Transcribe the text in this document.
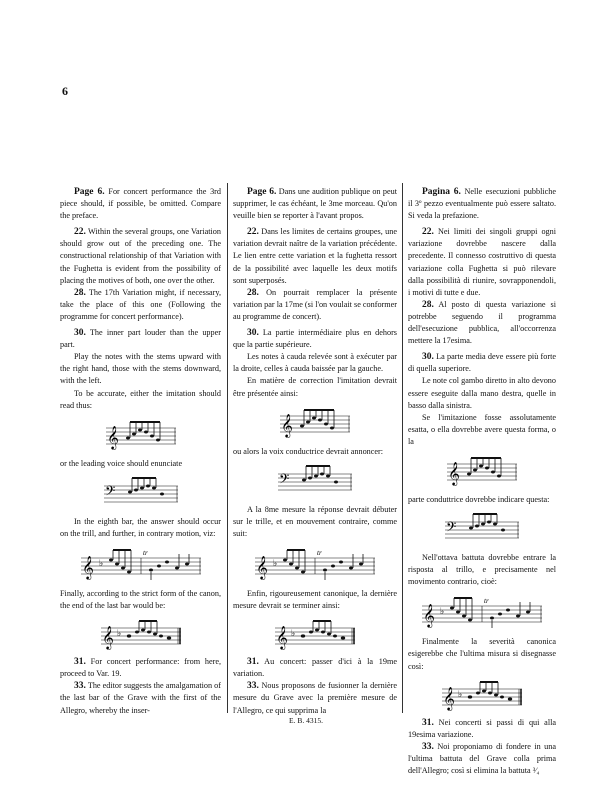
6

Page 6. For concert performance the 3rd piece should, if possible, be omitted. Compare the preface.

22. Within the several groups, one Variation should grow out of the preceding one. The constructional relationship of that Variation with the Fughetta is evident from the possibility of placing the motives of both, one over the other.

28. The 17th Variation might, if necessary, take the place of this one (Following the programme for concert performance).

30. The inner part louder than the upper part.

Play the notes with the stems upward with the right hand, those with the stems downward, with the left.

To be accurate, either the imitation should read thus:

𝄞

or the leading voice should enunciate

𝄢

In the eighth bar, the answer should occur on the trill, and further, in contrary motion, viz:

𝄞 ♭
tr

Finally, according to the strict form of the canon, the end of the last bar would be:

𝄞 ♭

31. For concert performance: from here, proceed to Var. 19.

33. The editor suggests the amalgamation of the last bar of the Grave with the first of the Allegro, whereby the inser-

Page 6. Dans une audition publique on peut supprimer, le cas échéant, le 3me morceau. Qu'on veuille bien se reporter à l'avant propos.

22. Dans les limites de certains groupes, une variation devrait naître de la variation précédente. Le lien entre cette variation et la fughetta ressort de la possibilité avec laquelle les deux motifs sont superposés.

28. On pourrait remplacer la présente variation par la 17me (si l'on voulait se conformer au programme de concert).

30. La partie intermédiaire plus en dehors que la partie supérieure.

Les notes à cauda relevée sont à exécuter par la droite, celles à cauda baissée par la gauche.

En matière de correction l'imitation devrait être présentée ainsi:

𝄞

ou alors la voix conductrice devrait annoncer:

𝄢

A la 8me mesure la réponse devrait débuter sur le trille, et en mouvement contraire, comme suit:

𝄞 ♭
tr

Enfin, rigoureusement canonique, la dernière mesure devrait se terminer ainsi:

𝄞 ♭

31. Au concert: passer d'ici à la 19me variation.

33. Nous proposons de fusionner la dernière mesure du Grave avec la première mesure de l'Allegro, ce qui supprima la

Pagina 6. Nelle esecuzioni pubbliche il 3º pezzo eventualmente può essere saltato. Si veda la prefazione.

22. Nei limiti dei singoli gruppi ogni variazione dovrebbe nascere dalla precedente. Il connesso costruttivo di questa variazione colla Fughetta si può rilevare dalla possibilità di riunire, sovrapponendoli, i motivi di tutte e due.

28. Al posto di questa variazione si potrebbe seguendo il programma dell'esecuzione pubblica, all'occorrenza mettere la 17esima.

30. La parte media deve essere più forte di quella superiore.

Le note col gambo diretto in alto devono essere eseguite dalla mano destra, quelle in basso dalla sinistra.

Se l'imitazione fosse assolutamente esatta, o ella dovrebbe avere questa forma, o la

𝄞

parte conduttrice dovrebbe indicare questa:

𝄢

Nell'ottava battuta dovrebbe entrare la risposta al trillo, e precisamente nel movimento contrario, cioè:

𝄞 ♭
tr

Finalmente la severità canonica esigerebbe che l'ultima misura si disegnasse così:

𝄞 ♭

31. Nei concerti si passi di qui alla 19esima variazione.

33. Noi proponiamo di fondere in una l'ultima battuta del Grave colla prima dell'Allegro; così si elimina la battuta ³⁄₄

E. B. 4315.
